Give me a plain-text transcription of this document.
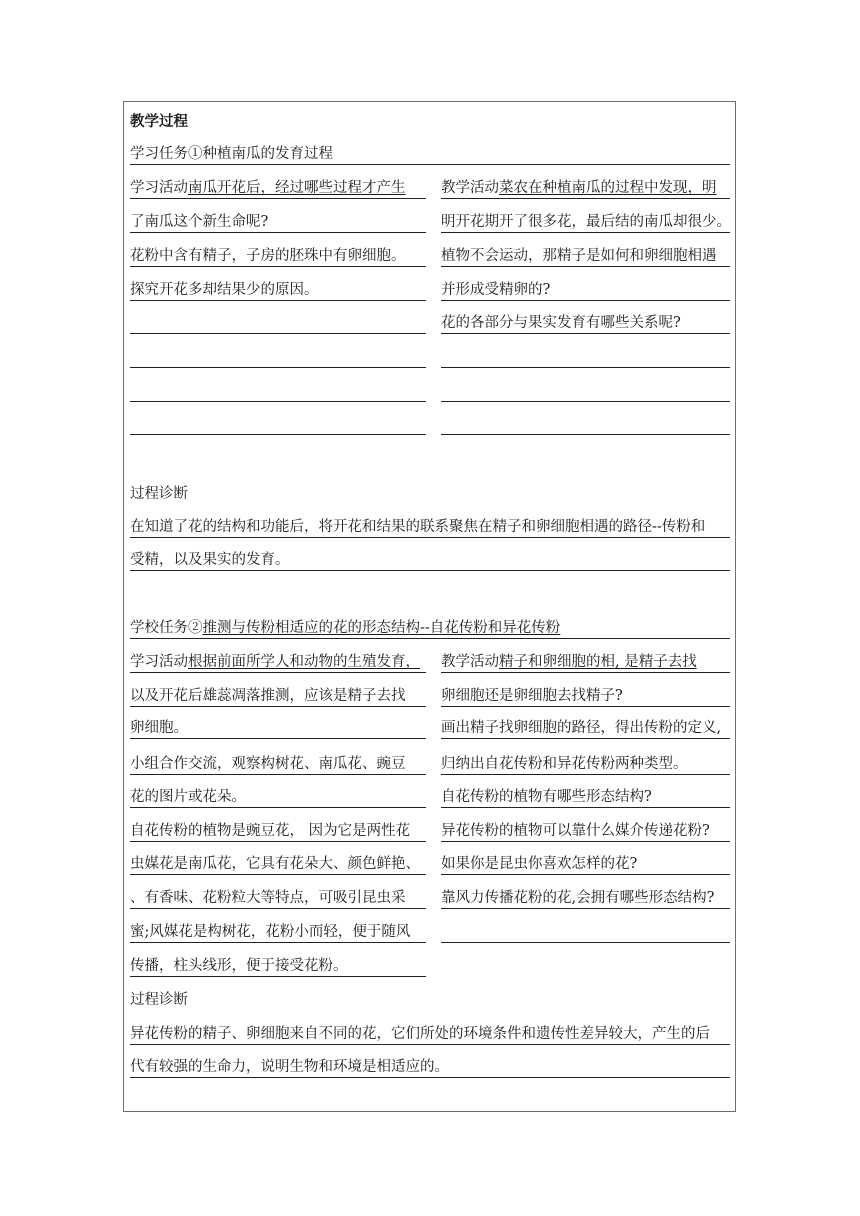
教学过程
学习任务①种植南瓜的发育过程
学习活动南瓜开花后，经过哪些过程才产生
了南瓜这个新生命呢?
花粉中含有精子，子房的胚珠中有卵细胞。
探究开花多却结果少的原因。
教学活动菜农在种植南瓜的过程中发现，明
明开花期开了很多花，最后结的南瓜却很少。
植物不会运动，那精子是如何和卵细胞相遇
并形成受精卵的?
花的各部分与果实发育有哪些关系呢?
过程诊断
在知道了花的结构和功能后，将开花和结果的联系聚焦在精子和卵细胞相遇的路径--传粉和
受精，以及果实的发育。
学校任务②推测与传粉相适应的花的形态结构--自花传粉和异花传粉
学习活动根据前面所学人和动物的生殖发育，
以及开花后雄蕊凋落推测，应该是精子去找
卵细胞。
小组合作交流，观察构树花、南瓜花、豌豆
花的图片或花朵。
自花传粉的植物是豌豆花， 因为它是两性花
虫媒花是南瓜花，它具有花朵大、颜色鲜艳、
、有香味、花粉粒大等特点，可吸引昆虫采
蜜;风媒花是构树花，花粉小而轻，便于随风
传播，柱头线形，便于接受花粉。
教学活动精子和卵细胞的相, 是精子去找
卵细胞还是卵细胞去找精子?
画出精子找卵细胞的路径，得出传粉的定义,
归纳出自花传粉和异花传粉两种类型。
自花传粉的植物有哪些形态结构?
异花传粉的植物可以靠什么媒介传递花粉?
如果你是昆虫你喜欢怎样的花?
靠风力传播花粉的花,会拥有哪些形态结构?
过程诊断
异花传粉的精子、卵细胞来自不同的花，它们所处的环境条件和遗传性差异较大，产生的后
代有较强的生命力，说明生物和环境是相适应的。
